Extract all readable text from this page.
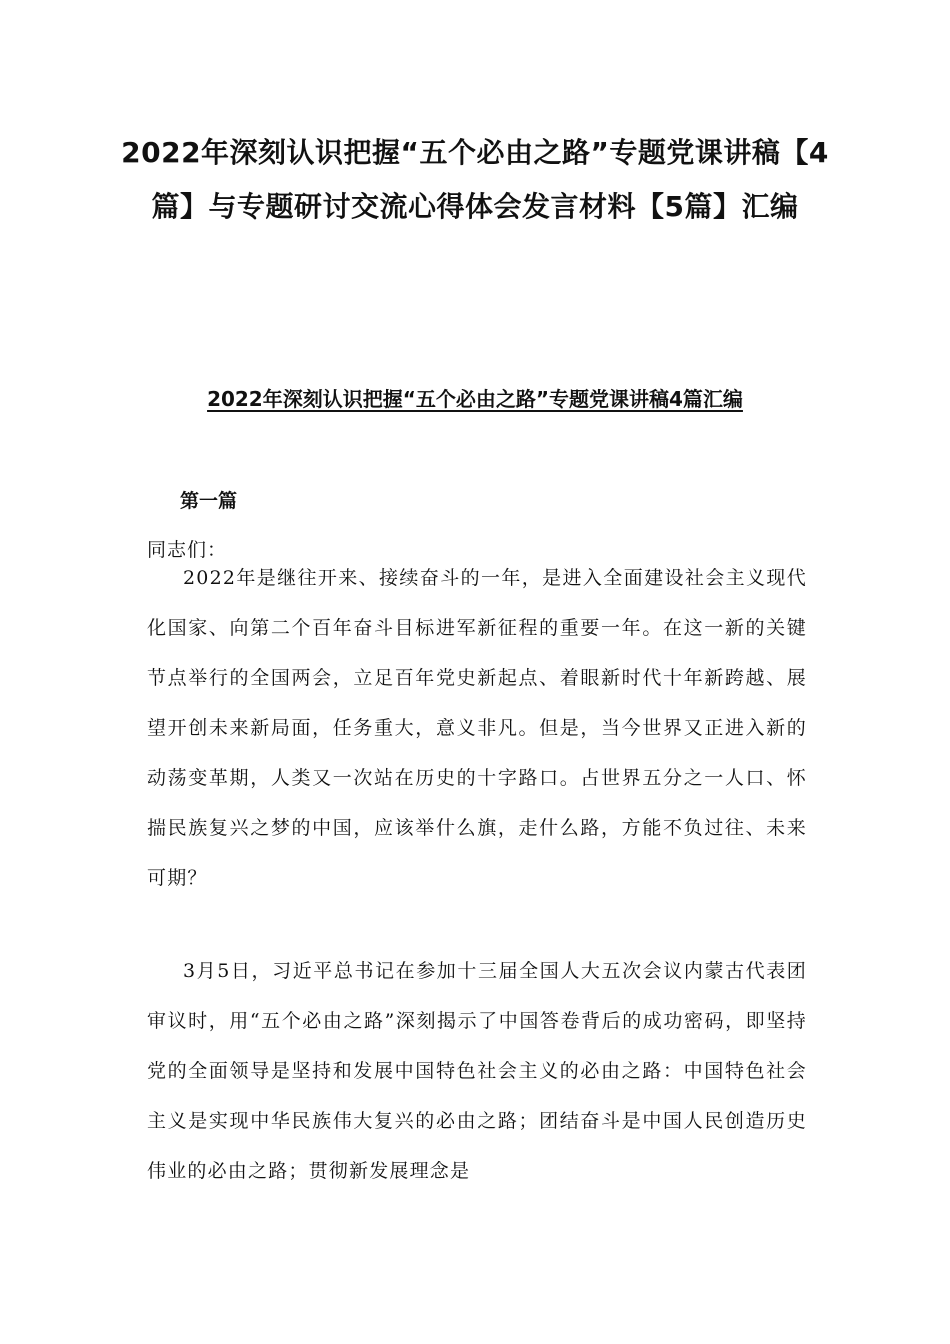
2022年深刻认识把握“五个必由之路”专题党课讲稿【4篇】与专题研讨交流心得体会发言材料【5篇】汇编
2022年深刻认识把握“五个必由之路”专题党课讲稿4篇汇编
第一篇

同志们：

2022年是继往开来、接续奋斗的一年，是进入全面建设社会主义现代化国家、向第二个百年奋斗目标进军新征程的重要一年。在这一新的关键节点举行的全国两会，立足百年党史新起点、着眼新时代十年新跨越、展望开创未来新局面，任务重大，意义非凡。但是，当今世界又正进入新的动荡变革期，人类又一次站在历史的十字路口。占世界五分之一人口、怀揣民族复兴之梦的中国，应该举什么旗，走什么路，方能不负过往、未来可期？

3月5日，习近平总书记在参加十三届全国人大五次会议内蒙古代表团审议时，用“五个必由之路”深刻揭示了中国答卷背后的成功密码，即坚持党的全面领导是坚持和发展中国特色社会主义的必由之路：中国特色社会主义是实现中华民族伟大复兴的必由之路；团结奋斗是中国人民创造历史伟业的必由之路；贯彻新发展理念是
